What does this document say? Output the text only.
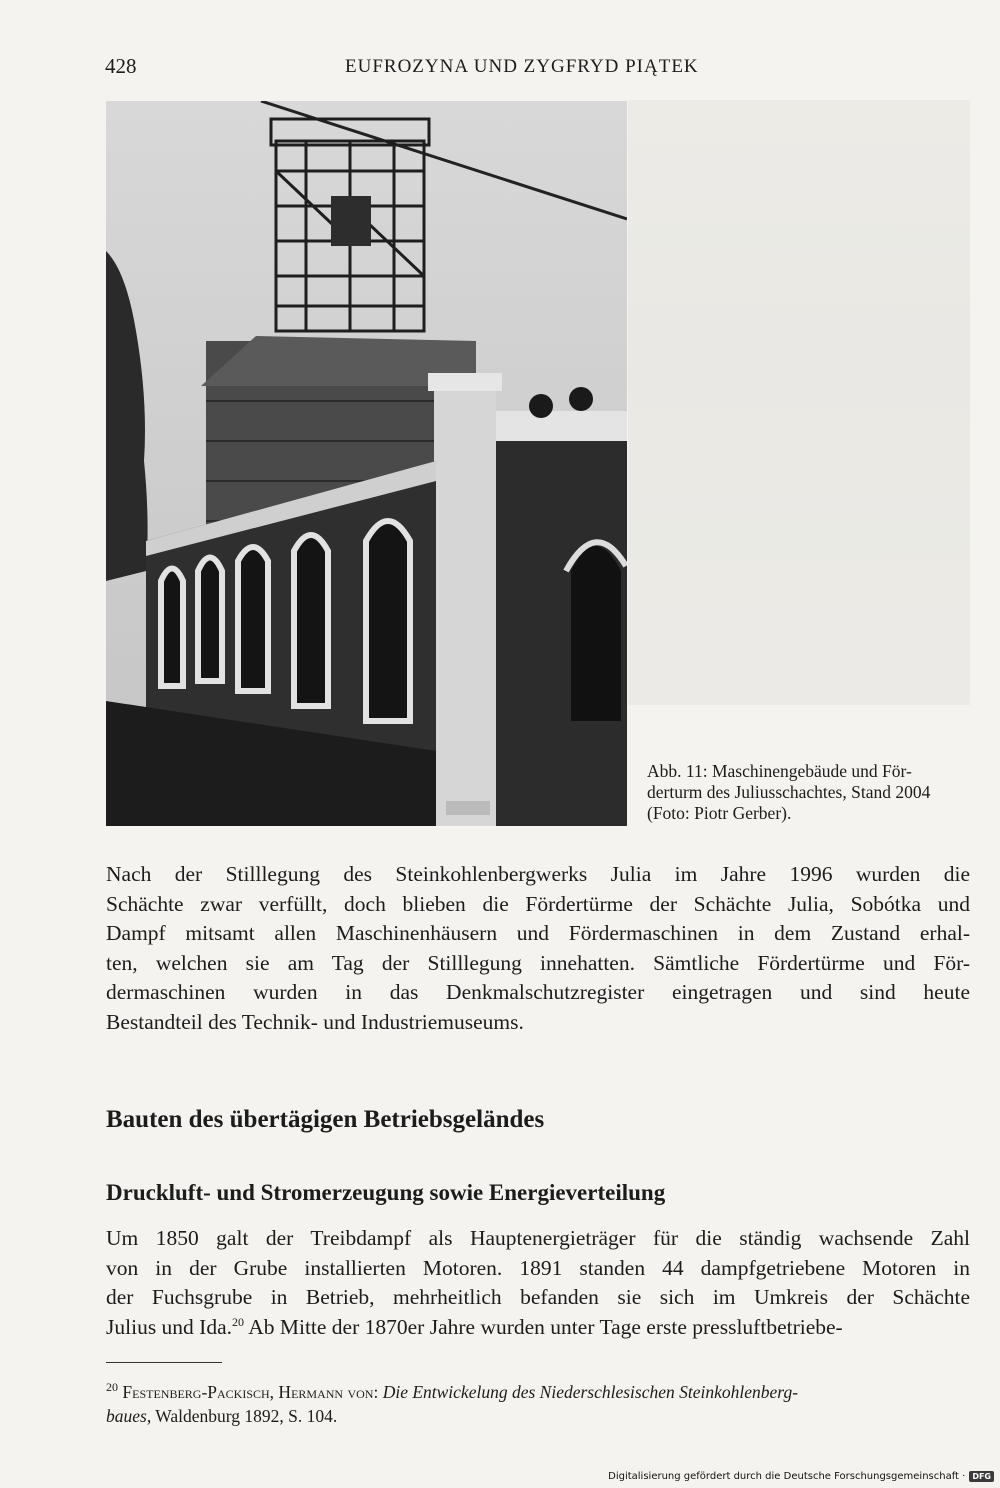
428	EUFROZYNA UND ZYGFRYD PIĄTEK
Abb. 11: Maschinengebäude und För-
derturm des Juliusschachtes, Stand 2004
(Foto: Piotr Gerber).
Nach der Stilllegung des Steinkohlenbergwerks Julia im Jahre 1996 wurden die
Schächte zwar verfüllt, doch blieben die Fördertürme der Schächte Julia, Sobótka und
Dampf mitsamt allen Maschinenhäusern und Fördermaschinen in dem Zustand erhal-
ten, welchen sie am Tag der Stilllegung innehatten. Sämtliche Fördertürme und För-
dermaschinen wurden in das Denkmalschutzregister eingetragen und sind heute
Bestandteil des Technik- und Industriemuseums.
Bauten des übertägigen Betriebsgeländes
Druckluft- und Stromerzeugung sowie Energieverteilung
Um 1850 galt der Treibdampf als Hauptenergieträger für die ständig wachsende Zahl
von in der Grube installierten Motoren. 1891 standen 44 dampfgetriebene Motoren in
der Fuchsgrube in Betrieb, mehrheitlich befanden sie sich im Umkreis der Schächte
Julius und Ida.$^{20}$ Ab Mitte der 1870er Jahre wurden unter Tage erste pressluftbetriebe-
$^{20}$ Festenberg-Packisch, Hermann von: Die Entwickelung des Niederschlesischen Steinkohlenberg-
baues, Waldenburg 1892, S. 104.
Digitalisierung gefördert durch die Deutsche Forschungsgemeinschaft · DFG
